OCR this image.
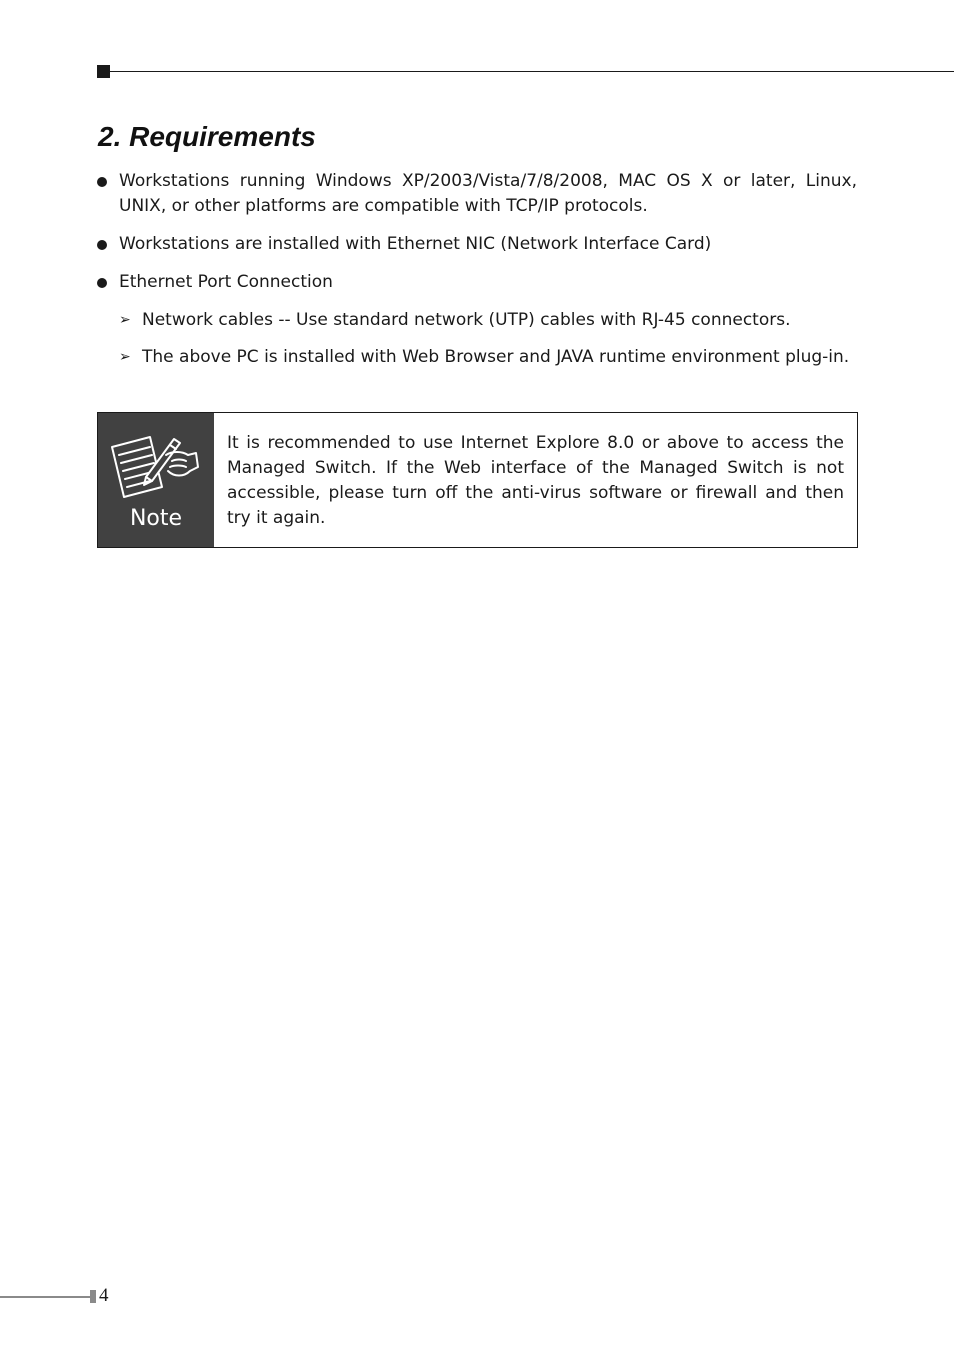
2. Requirements
Workstations running Windows XP/2003/Vista/7/8/2008, MAC OS X or later, Linux, UNIX, or other platforms are compatible with TCP/IP protocols.
Workstations are installed with Ethernet NIC (Network Interface Card)
Ethernet Port Connection
➢ Network cables -- Use standard network (UTP) cables with RJ-45 connectors.
➢ The above PC is installed with Web Browser and JAVA runtime environment plug-in.
Note

It is recommended to use Internet Explore 8.0 or above to access the Managed Switch. If the Web interface of the Managed Switch is not accessible, please turn off the anti-virus software or firewall and then try it again.

4
